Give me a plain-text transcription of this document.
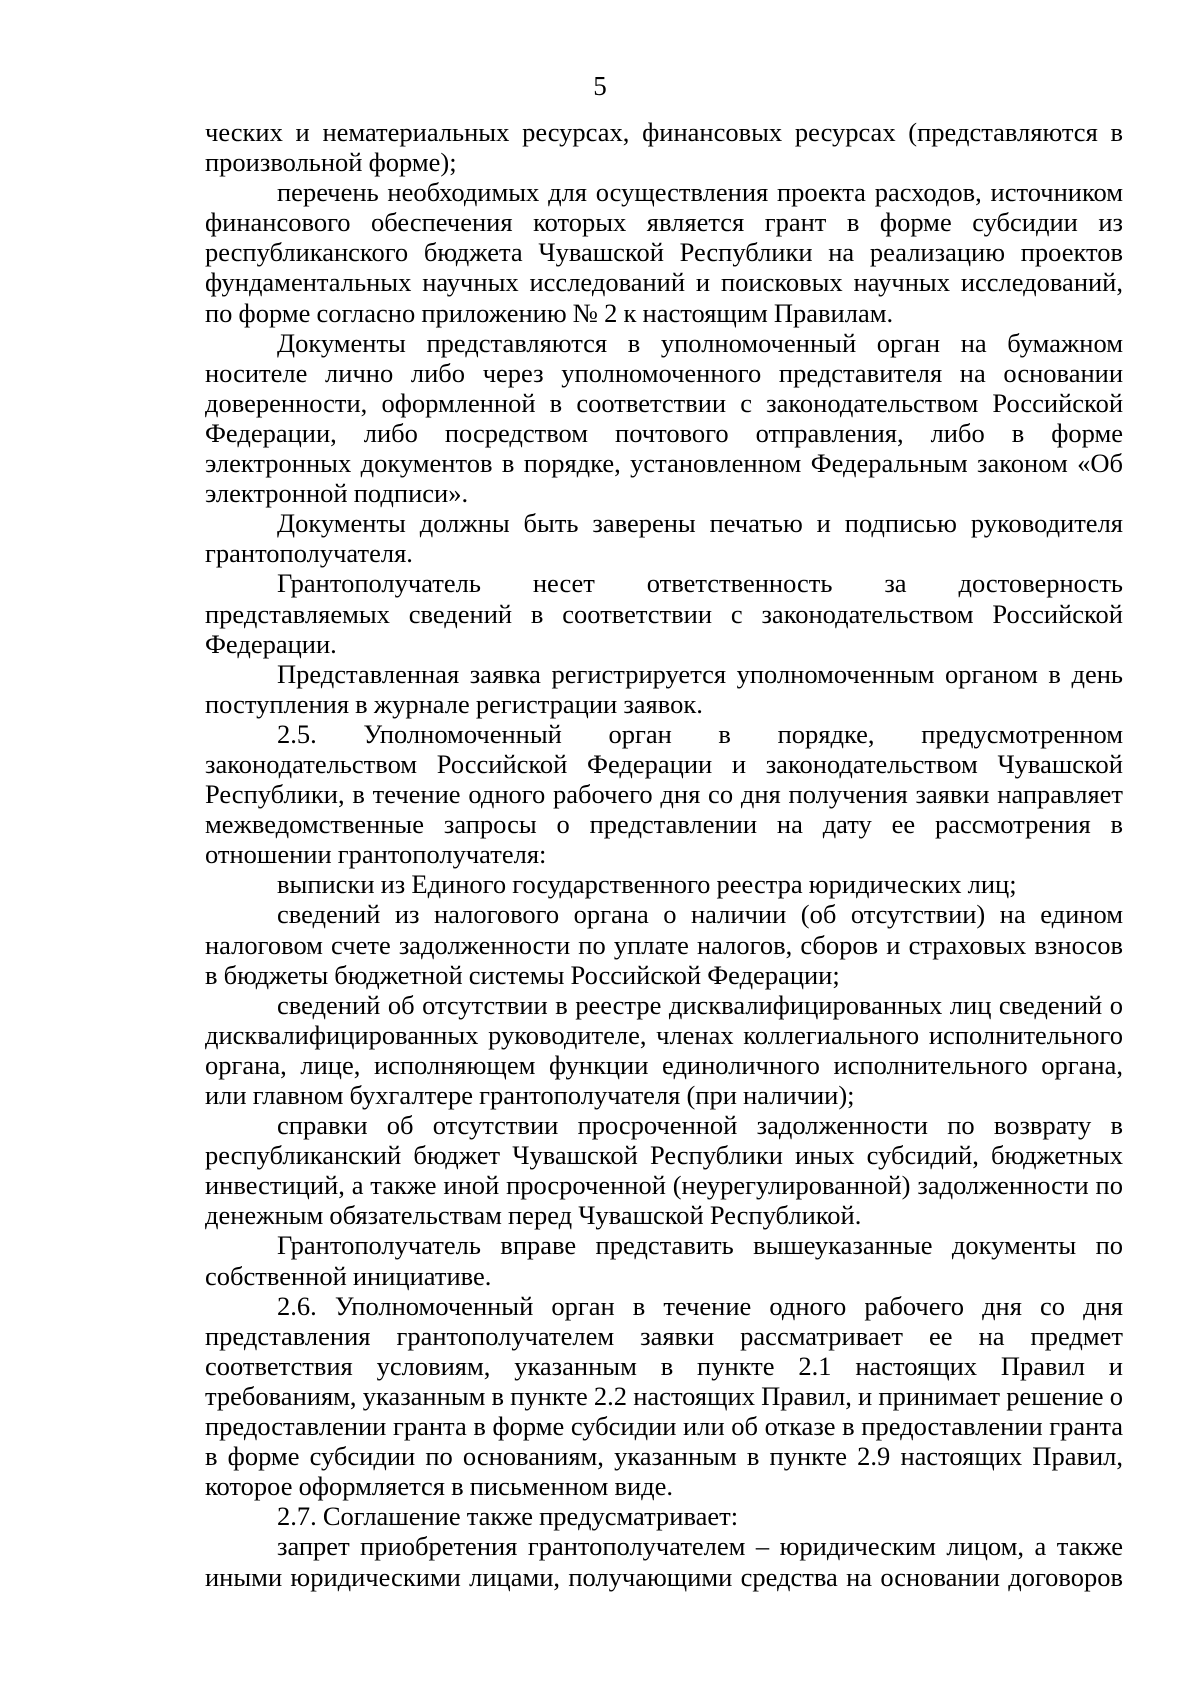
5

ческих и нематериальных ресурсах, финансовых ресурсах (представляются в произвольной форме);

перечень необходимых для осуществления проекта расходов, источником финансового обеспечения которых является грант в форме субсидии из республиканского бюджета Чувашской Республики на реализацию проектов фундаментальных научных исследований и поисковых научных исследований, по форме согласно приложению № 2 к настоящим Правилам.

Документы представляются в уполномоченный орган на бумажном носителе лично либо через уполномоченного представителя на основании доверенности, оформленной в соответствии с законодательством Российской Федерации, либо посредством почтового отправления, либо в форме электронных документов в порядке, установленном Федеральным законом «Об электронной подписи».

Документы должны быть заверены печатью и подписью руководителя грантополучателя.

Грантополучатель несет ответственность за достоверность представляемых сведений в соответствии с законодательством Российской Федерации.

Представленная заявка регистрируется уполномоченным органом в день поступления в журнале регистрации заявок.

2.5. Уполномоченный орган в порядке, предусмотренном законодательством Российской Федерации и законодательством Чувашской Республики, в течение одного рабочего дня со дня получения заявки направляет межведомственные запросы о представлении на дату ее рассмотрения в отношении грантополучателя:

выписки из Единого государственного реестра юридических лиц;

сведений из налогового органа о наличии (об отсутствии) на едином налоговом счете задолженности по уплате налогов, сборов и страховых взносов в бюджеты бюджетной системы Российской Федерации;

сведений об отсутствии в реестре дисквалифицированных лиц сведений о дисквалифицированных руководителе, членах коллегиального исполнительного органа, лице, исполняющем функции единоличного исполнительного органа, или главном бухгалтере грантополучателя (при наличии);

справки об отсутствии просроченной задолженности по возврату в республиканский бюджет Чувашской Республики иных субсидий, бюджетных инвестиций, а также иной просроченной (неурегулированной) задолженности по денежным обязательствам перед Чувашской Республикой.

Грантополучатель вправе представить вышеуказанные документы по собственной инициативе.

2.6. Уполномоченный орган в течение одного рабочего дня со дня представления грантополучателем заявки рассматривает ее на предмет соответствия условиям, указанным в пункте 2.1 настоящих Правил и требованиям, указанным в пункте 2.2 настоящих Правил, и принимает решение о предоставлении гранта в форме субсидии или об отказе в предоставлении гранта в форме субсидии по основаниям, указанным в пункте 2.9 настоящих Правил, которое оформляется в письменном виде.

2.7. Соглашение также предусматривает:

запрет приобретения грантополучателем – юридическим лицом, а также иными юридическими лицами, получающими средства на основании договоров
